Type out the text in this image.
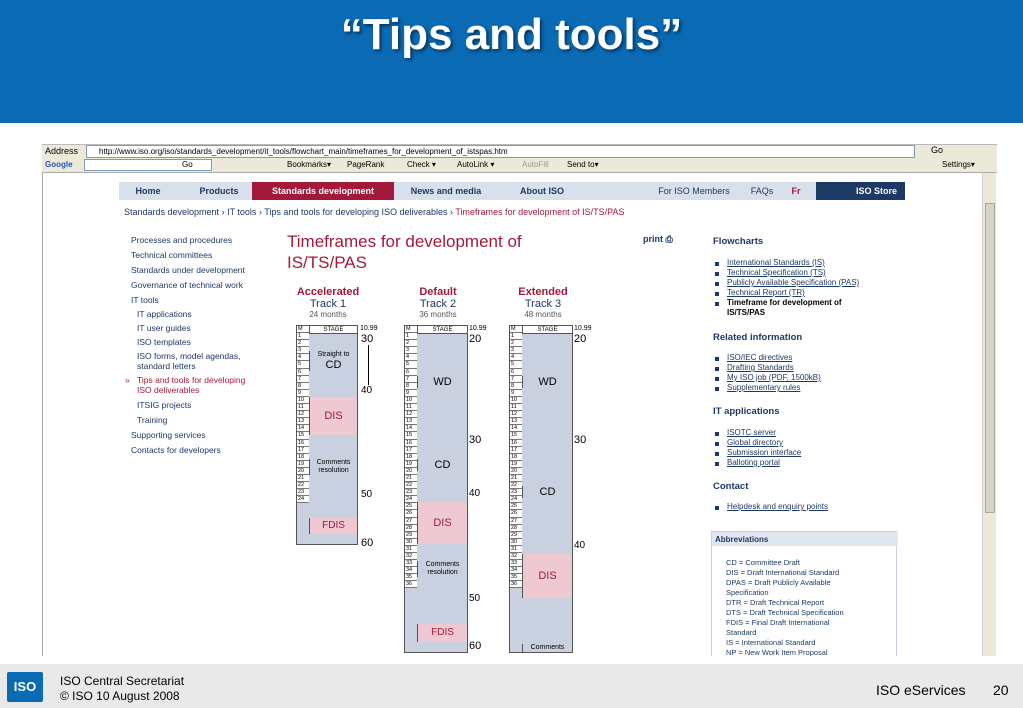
“Tips and tools”
Address	http://www.iso.org/iso/standards_development/it_tools/flowchart_main/timeframes_for_development_of_istspas.htm	Go
Google	Go	Bookmarks▾ PageRank	Check ▾	AutoLink ▾	AutoFill Send to▾	Settings▾
Home	Products	Standards development	News and media	About ISO	For ISO Members	FAQs	Fr	ISO Store
Standards development › IT tools › Tips and tools for developing ISO deliverables › Timeframes for development of IS/TS/PAS
Processes and procedures
Technical committees
Standards under development
Governance of technical work
IT tools
IT applications
IT user guides
ISO templates
ISO forms, model agendas,
standard letters
» Tips and tools for developing
ISO deliverables
ITSIG projects
Training
Supporting services
Contacts for developers
Timeframes for development of
IS/TS/PAS
print ⎙
Accelerated
Track 1
24 months
Default
Track 2
36 months
Extended
Track 3
48 months
M
1
2
3
4
5
6
7
8
9
10
11
12
13
14
15
16
17
18
19
20
21
22
23
24
STAGE
Straight to
CD
DIS
Comments
resolution
FDIS
10.99
30
40
50
60
M
1
2
3
4
5
6
7
8
9
10
11
12
13
14
15
16
17
18
19
20
21
22
23
24
25
26
27
28
29
30
31
32
33
34
35
36
STAGE
WD
CD
DIS
Comments
resolution
FDIS
10.99
20
30
40
50
60
M
1
2
3
4
5
6
7
8
9
10
11
12
13
14
15
16
17
18
19
20
21
22
23
24
25
26
27
28
29
30
31
32
33
34
35
36
STAGE
WD
CD
DIS
Comments
10.99
20
30
40
Flowcharts
International Standards (IS)
Technical Specification (TS)
Publicly Available Specification (PAS)
Technical Report (TR)
Timeframe for development of
IS/TS/PAS
Related information
ISO/IEC directives
Drafting Standards
My ISO job (PDF, 1500kB)
Supplementary rules
IT applications
ISOTC server
Global directory
Submission interface
Balloting portal
Contact
Helpdesk and enquiry points
Abbreviations
CD = Committee Draft
DIS = Draft International Standard
DPAS = Draft Publicly Available
Specification
DTR = Draft Technical Report
DTS = Draft Technical Specification
FDIS = Final Draft International
Standard
IS = International Standard
NP = New Work Item Proposal
ISO	ISO Central Secretariat
© ISO 10 August 2008	ISO eServices 20
